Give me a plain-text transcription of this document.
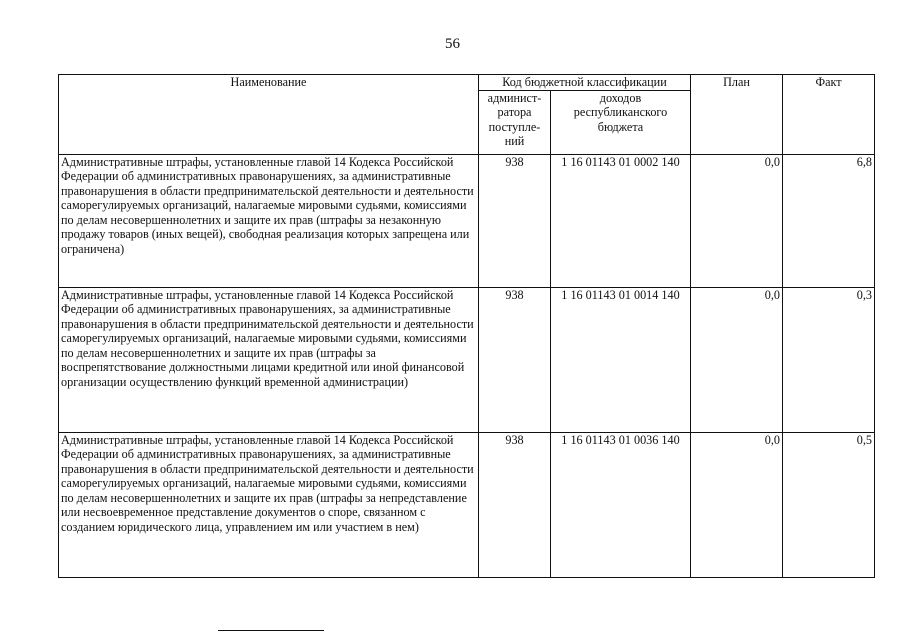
56
Наименование	Код бюджетной классификации		План	Факт
	админист- ратора поступле- ний	доходов республиканского бюджета		
Административные штрафы, установленные главой 14 Кодекса Российской Федерации об административных правонарушениях, за административные правонарушения в области предпринимательской деятельности и деятельности саморегулируемых организаций, налагаемые мировыми судьями, комиссиями по делам несовершеннолетних и защите их прав (штрафы за незаконную продажу товаров (иных вещей), свободная реализация которых запрещена или ограничена)	938	1 16 01143 01 0002 140	0,0	6,8
Административные штрафы, установленные главой 14 Кодекса Российской Федерации об административных правонарушениях, за административные правонарушения в области предпринимательской деятельности и деятельности саморегулируемых организаций, налагаемые мировыми судьями, комиссиями по делам несовершеннолетних и защите их прав (штрафы за воспрепятствование должностными лицами кредитной или иной финансовой организации осуществлению функций временной администрации)	938	1 16 01143 01 0014 140	0,0	0,3
Административные штрафы, установленные главой 14 Кодекса Российской Федерации об административных правонарушениях, за административные правонарушения в области предпринимательской деятельности и деятельности саморегулируемых организаций, налагаемые мировыми судьями, комиссиями по делам несовершеннолетних и защите их прав (штрафы за непредставление или несвоевременное представление документов о споре, связанном с созданием юридического лица, управлением им или участием в нем)	938	1 16 01143 01 0036 140	0,0	0,5
